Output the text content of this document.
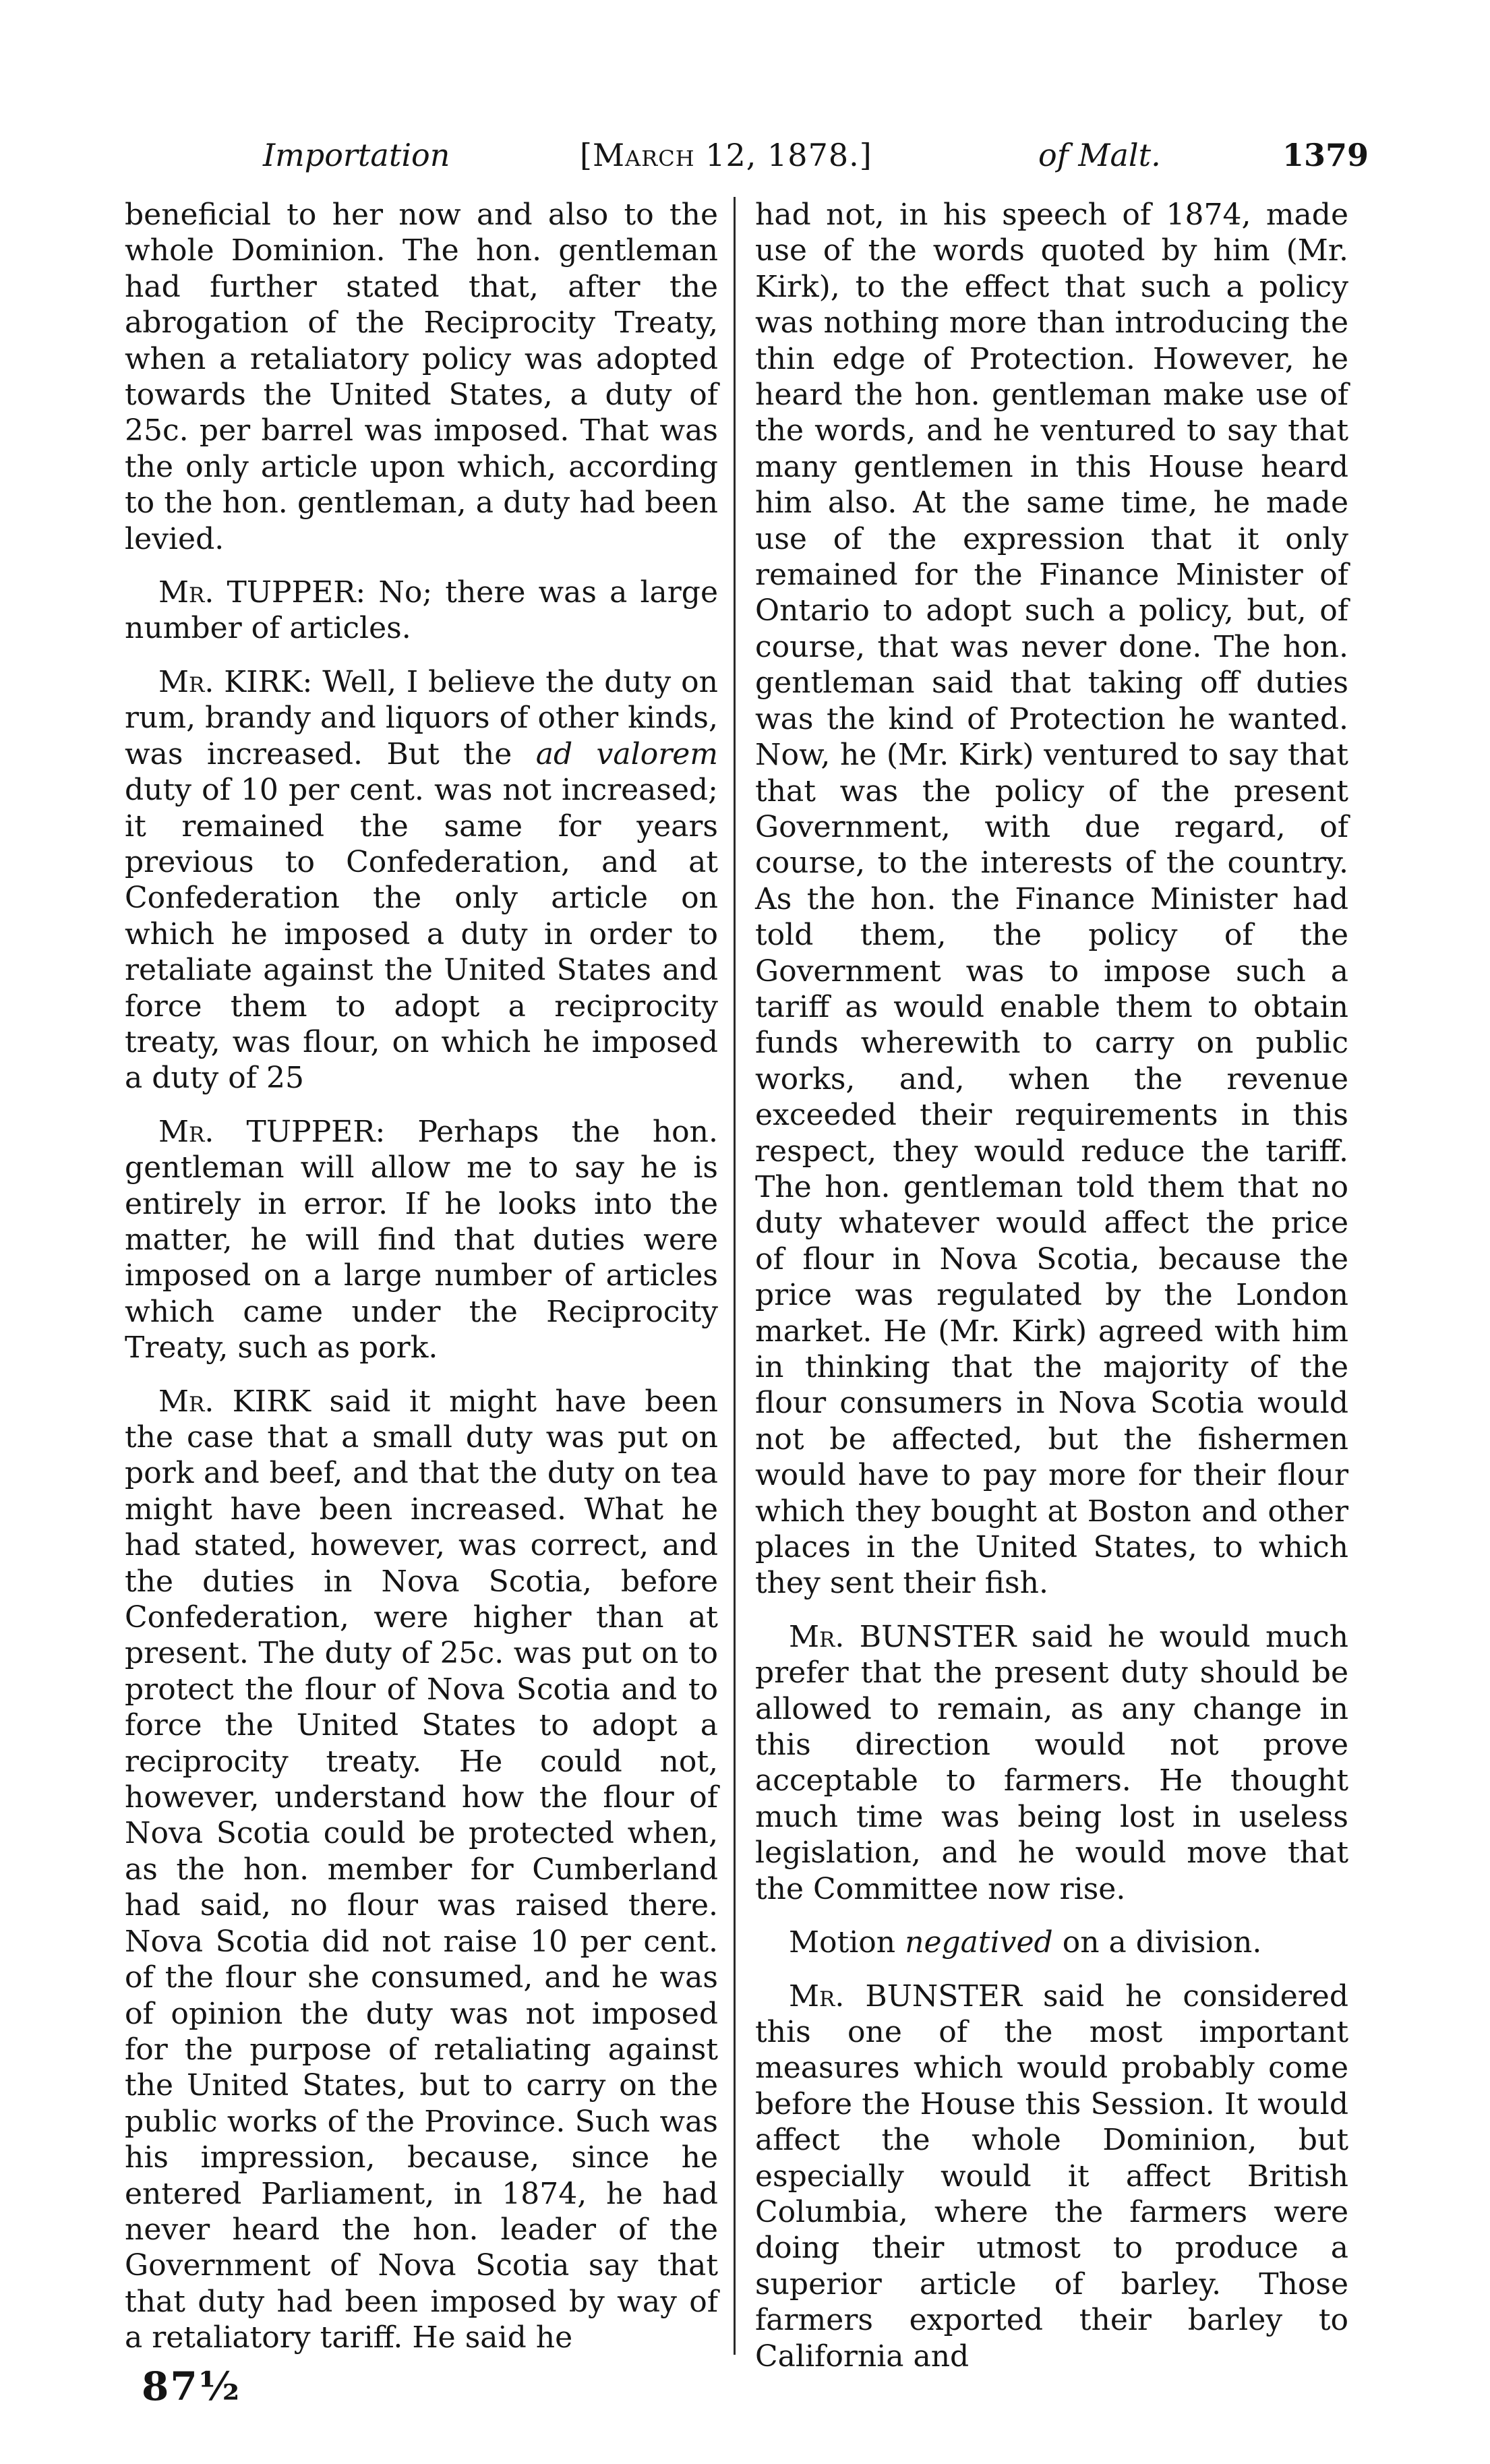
Importation	[March 12, 1878.]	of Malt.	1379

beneficial to her now and also to the whole Dominion. The hon. gentleman had further stated that, after the abrogation of the Reciprocity Treaty, when a retaliatory policy was adopted towards the United States, a duty of 25c. per barrel was imposed. That was the only article upon which, according to the hon. gentleman, a duty had been levied.

Mr. TUPPER: No; there was a large number of articles.

Mr. KIRK: Well, I believe the duty on rum, brandy and liquors of other kinds, was increased. But the ad valorem duty of 10 per cent. was not increased; it remained the same for years previous to Confederation, and at Confederation the only article on which he imposed a duty in order to retaliate against the United States and force them to adopt a reciprocity treaty, was flour, on which he imposed a duty of 25

Mr. TUPPER: Perhaps the hon. gentleman will allow me to say he is entirely in error. If he looks into the matter, he will find that duties were imposed on a large number of articles which came under the Reciprocity Treaty, such as pork.

Mr. KIRK said it might have been the case that a small duty was put on pork and beef, and that the duty on tea might have been increased. What he had stated, however, was correct, and the duties in Nova Scotia, before Confederation, were higher than at present. The duty of 25c. was put on to protect the flour of Nova Scotia and to force the United States to adopt a reciprocity treaty. He could not, however, understand how the flour of Nova Scotia could be protected when, as the hon. member for Cumberland had said, no flour was raised there. Nova Scotia did not raise 10 per cent. of the flour she consumed, and he was of opinion the duty was not imposed for the purpose of retaliating against the United States, but to carry on the public works of the Province. Such was his impression, because, since he entered Parliament, in 1874, he had never heard the hon. leader of the Government of Nova Scotia say that that duty had been imposed by way of a retaliatory tariff. He said he

had not, in his speech of 1874, made use of the words quoted by him (Mr. Kirk), to the effect that such a policy was nothing more than introducing the thin edge of Protection. However, he heard the hon. gentleman make use of the words, and he ventured to say that many gentlemen in this House heard him also. At the same time, he made use of the expression that it only remained for the Finance Minister of Ontario to adopt such a policy, but, of course, that was never done. The hon. gentleman said that taking off duties was the kind of Protection he wanted. Now, he (Mr. Kirk) ventured to say that that was the policy of the present Government, with due regard, of course, to the interests of the country. As the hon. the Finance Minister had told them, the policy of the Government was to impose such a tariff as would enable them to obtain funds wherewith to carry on public works, and, when the revenue exceeded their requirements in this respect, they would reduce the tariff. The hon. gentleman told them that no duty whatever would affect the price of flour in Nova Scotia, because the price was regulated by the London market. He (Mr. Kirk) agreed with him in thinking that the majority of the flour consumers in Nova Scotia would not be affected, but the fishermen would have to pay more for their flour which they bought at Boston and other places in the United States, to which they sent their fish.

Mr. BUNSTER said he would much prefer that the present duty should be allowed to remain, as any change in this direction would not prove acceptable to farmers. He thought much time was being lost in useless legislation, and he would move that the Committee now rise.

Motion negatived on a division.

Mr. BUNSTER said he considered this one of the most important measures which would probably come before the House this Session. It would affect the whole Dominion, but especially would it affect British Columbia, where the farmers were doing their utmost to produce a superior article of barley. Those farmers exported their barley to California and

87½
